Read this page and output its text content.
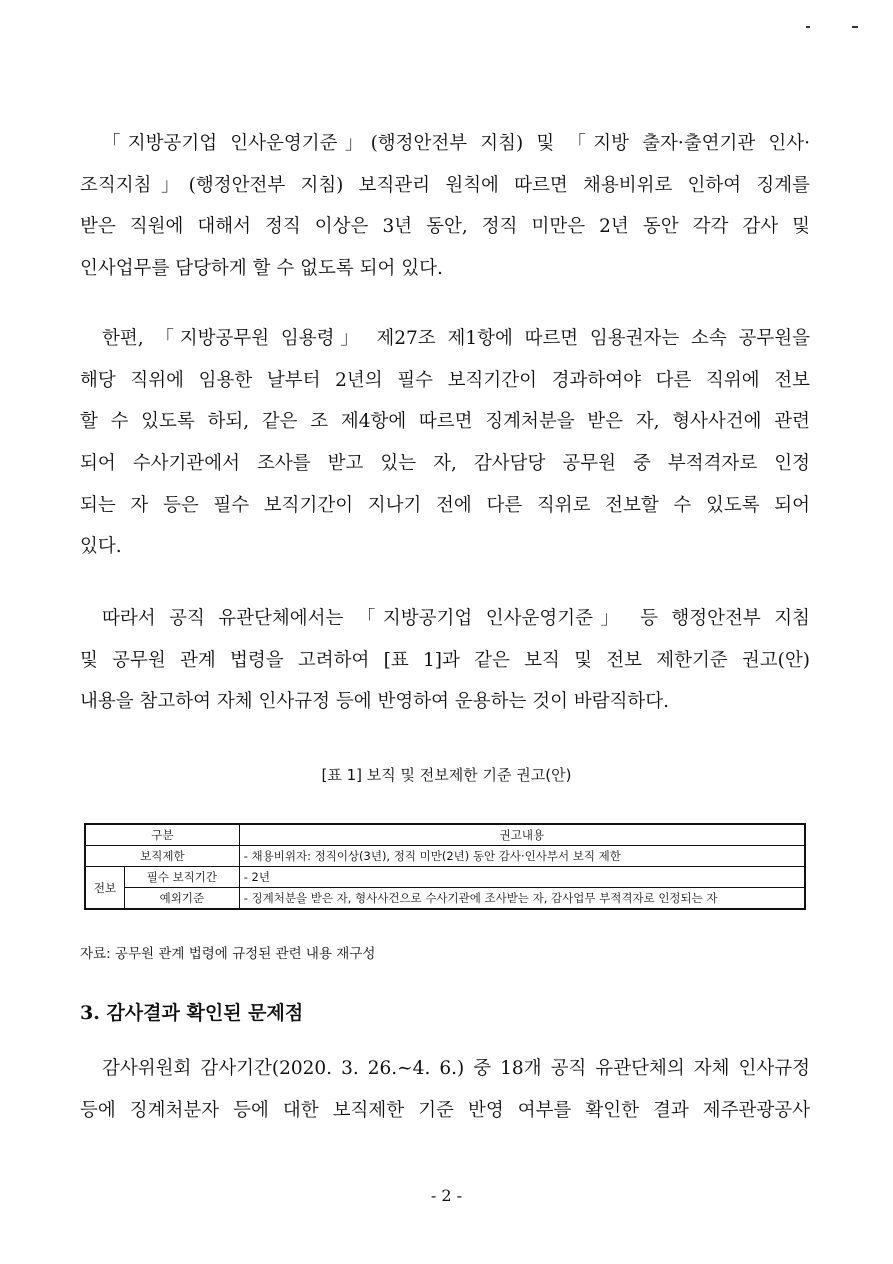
「지방공기업 인사운영기준」(행정안전부 지침) 및 「지방 출자·출연기관 인사·
조직지침」(행정안전부 지침) 보직관리 원칙에 따르면 채용비위로 인하여 징계를
받은 직원에 대해서 정직 이상은 3년 동안, 정직 미만은 2년 동안 각각 감사 및
인사업무를 담당하게 할 수 없도록 되어 있다.
한편, 「지방공무원 임용령」 제27조 제1항에 따르면 임용권자는 소속 공무원을
해당 직위에 임용한 날부터 2년의 필수 보직기간이 경과하여야 다른 직위에 전보
할 수 있도록 하되, 같은 조 제4항에 따르면 징계처분을 받은 자, 형사사건에 관련
되어 수사기관에서 조사를 받고 있는 자, 감사담당 공무원 중 부적격자로 인정
되는 자 등은 필수 보직기간이 지나기 전에 다른 직위로 전보할 수 있도록 되어
있다.
따라서 공직 유관단체에서는 「지방공기업 인사운영기준」 등 행정안전부 지침
및 공무원 관계 법령을 고려하여 [표 1]과 같은 보직 및 전보 제한기준 권고(안)
내용을 참고하여 자체 인사규정 등에 반영하여 운용하는 것이 바람직하다.
[표 1] 보직 및 전보제한 기준 권고(안)
구분		권고내용
보직제한		- 채용비위자: 정직이상(3년), 정직 미만(2년) 동안 감사·인사부서 보직 제한
전보	필수 보직기간	- 2년
	예외기준	- 징계처분을 받은 자, 형사사건으로 수사기관에 조사받는 자, 감사업무 부적격자로 인정되는 자
자료: 공무원 관계 법령에 규정된 관련 내용 재구성
3. 감사결과 확인된 문제점
감사위원회 감사기간(2020. 3. 26.∼4. 6.) 중 18개 공직 유관단체의 자체 인사규정
등에 징계처분자 등에 대한 보직제한 기준 반영 여부를 확인한 결과 제주관광공사
- 2 -
